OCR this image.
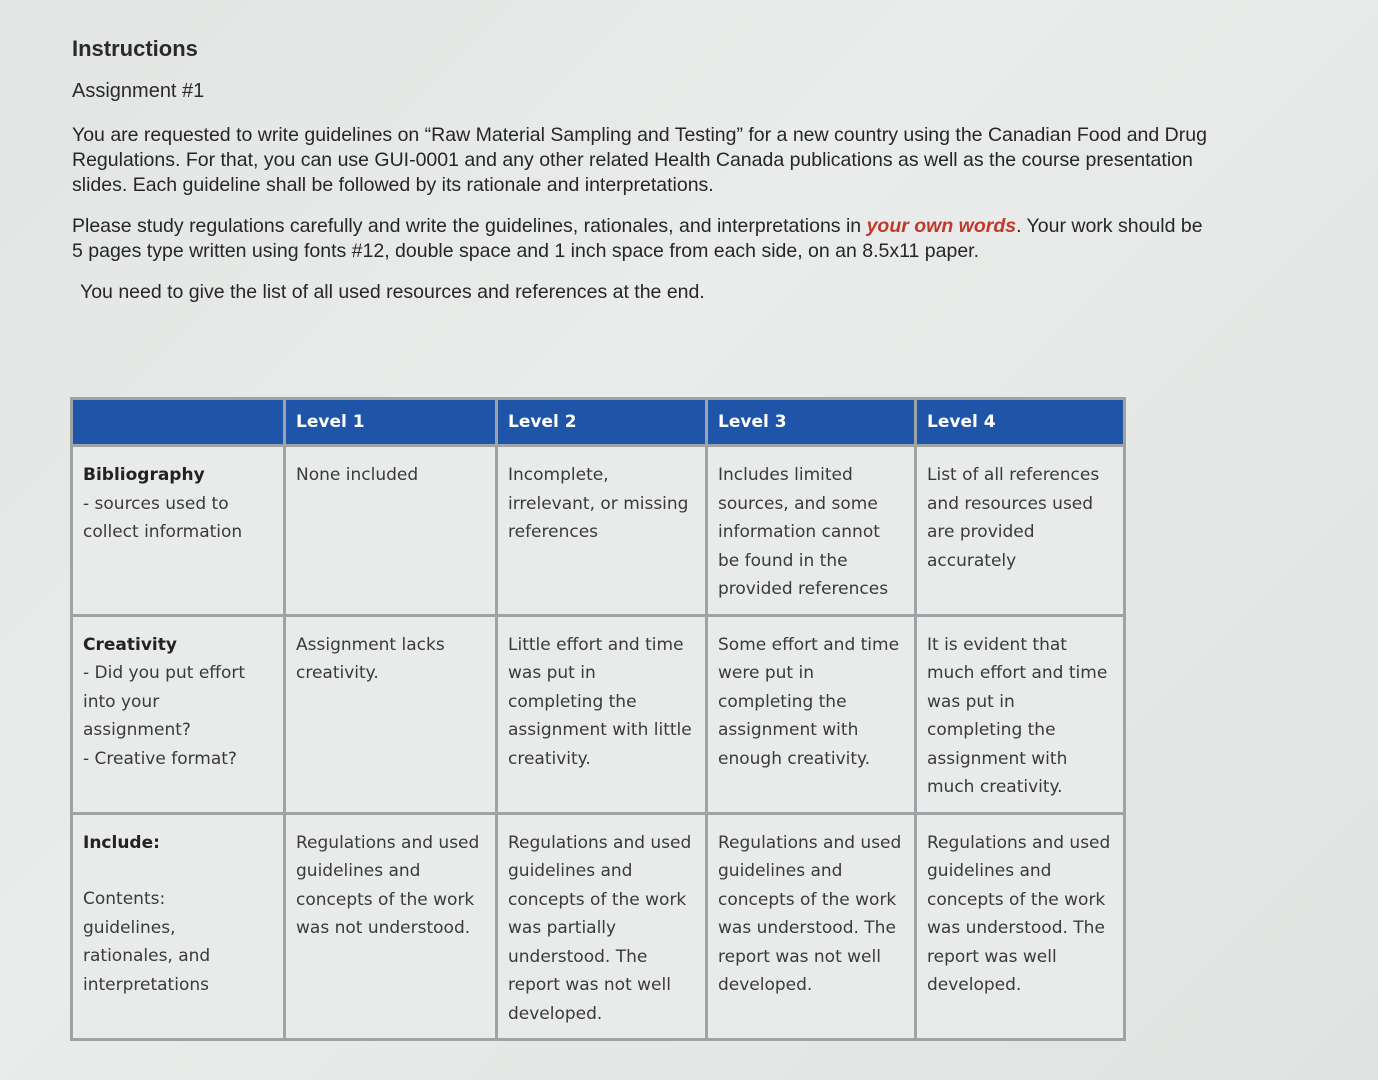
Instructions
Assignment #1

You are requested to write guidelines on “Raw Material Sampling and Testing” for a new country using the Canadian Food and Drug Regulations. For that, you can use GUI-0001 and any other related Health Canada publications as well as the course presentation slides. Each guideline shall be followed by its rationale and interpretations.

Please study regulations carefully and write the guidelines, rationales, and interpretations in your own words. Your work should be 5 pages type written using fonts #12, double space and 1 inch space from each side, on an 8.5x11 paper.

You need to give the list of all used resources and references at the end.

	Level 1	Level 2	Level 3	Level 4

Bibliography
- sources used to
collect information	None included	Incomplete, irrelevant, or missing references	Includes limited sources, and some information cannot be found in the provided references	List of all references and resources used are provided accurately

Creativity
- Did you put effort
into your
assignment?
- Creative format?	Assignment lacks creativity.	Little effort and time was put in completing the assignment with little creativity.	Some effort and time were put in completing the assignment with enough creativity.	It is evident that much effort and time was put in completing the assignment with much creativity.

Include:
Contents:
guidelines,
rationales, and
interpretations	Regulations and used guidelines and concepts of the work was not understood.	Regulations and used guidelines and concepts of the work was partially understood. The report was not well developed.	Regulations and used guidelines and concepts of the work was understood. The report was not well developed.	Regulations and used guidelines and concepts of the work was understood. The report was well developed.
